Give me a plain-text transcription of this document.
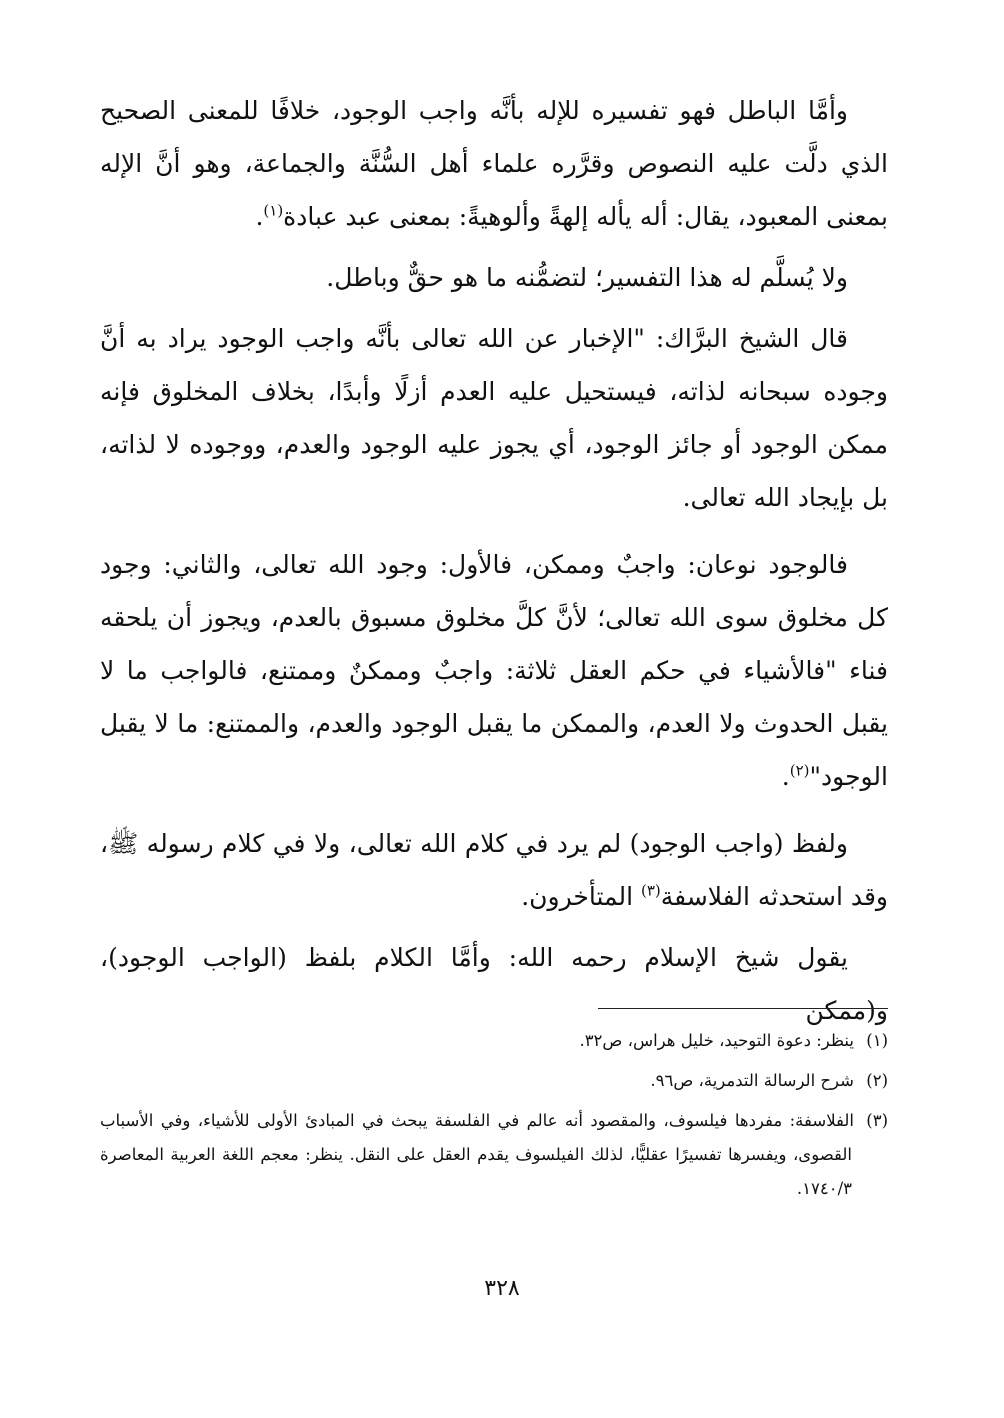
وأمَّا الباطل فهو تفسيره للإله بأنَّه واجب الوجود، خلافًا للمعنى الصحيح الذي دلَّت عليه النصوص وقرَّره علماء أهل السُّنَّة والجماعة، وهو أنَّ الإله بمعنى المعبود، يقال: أله يأله إلهةً وألوهيةً: بمعنى عبد عبادة$^{(١)}$.

ولا يُسلَّم له هذا التفسير؛ لتضمُّنه ما هو حقٌّ وباطل.

قال الشيخ البرَّاك: "الإخبار عن الله تعالى بأنَّه واجب الوجود يراد به أنَّ وجوده سبحانه لذاته، فيستحيل عليه العدم أزلًا وأبدًا، بخلاف المخلوق فإنه ممكن الوجود أو جائز الوجود، أي يجوز عليه الوجود والعدم، ووجوده لا لذاته، بل بإيجاد الله تعالى.

فالوجود نوعان: واجبٌ وممكن، فالأول: وجود الله تعالى، والثاني: وجود كل مخلوق سوى الله تعالى؛ لأنَّ كلَّ مخلوق مسبوق بالعدم، ويجوز أن يلحقه فناء "فالأشياء في حكم العقل ثلاثة: واجبٌ وممكنٌ وممتنع، فالواجب ما لا يقبل الحدوث ولا العدم، والممكن ما يقبل الوجود والعدم، والممتنع: ما لا يقبل الوجود"$^{(٢)}$.

ولفظ (واجب الوجود) لم يرد في كلام الله تعالى، ولا في كلام رسوله ﷺ، وقد استحدثه الفلاسفة$^{(٣)}$ المتأخرون.

يقول شيخ الإسلام رحمه الله: وأمَّا الكلام بلفظ (الواجب الوجود)، و(ممكن

(١)ينظر: دعوة التوحيد، خليل هراس، ص٣٢.

(٢)شرح الرسالة التدمرية، ص٩٦.

(٣)الفلاسفة: مفردها فيلسوف، والمقصود أنه عالم في الفلسفة يبحث في المبادئ الأولى للأشياء، وفي الأسباب القصوى، ويفسرها تفسيرًا عقليًّا، لذلك الفيلسوف يقدم العقل على النقل. ينظر: معجم اللغة العربية المعاصرة ١٧٤٠/٣.

٣٢٨
